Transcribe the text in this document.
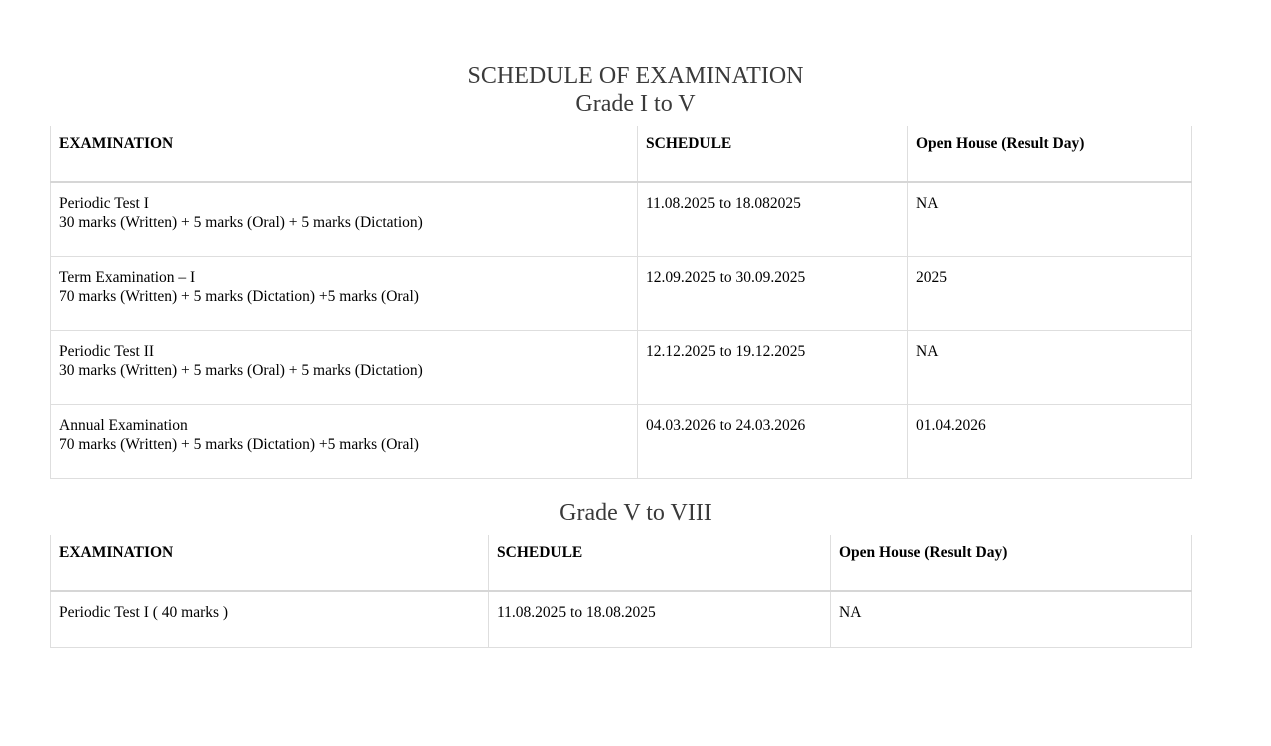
SCHEDULE OF EXAMINATION
Grade I to V
EXAMINATION	SCHEDULE	Open House (Result Day)

Periodic Test I
30 marks (Written) + 5 marks (Oral) + 5 marks (Dictation)	11.08.2025 to 18.082025	NA

Term Examination – I
70 marks (Written) + 5 marks (Dictation) +5 marks (Oral)	12.09.2025 to 30.09.2025	2025

Periodic Test II
30 marks (Written) + 5 marks (Oral) + 5 marks (Dictation)	12.12.2025 to 19.12.2025	NA

Annual Examination
70 marks (Written) + 5 marks (Dictation) +5 marks (Oral)	04.03.2026 to 24.03.2026	01.04.2026
Grade V to VIII
EXAMINATION	SCHEDULE	Open House (Result Day)
Periodic Test I ( 40 marks )	11.08.2025 to 18.08.2025	NA
